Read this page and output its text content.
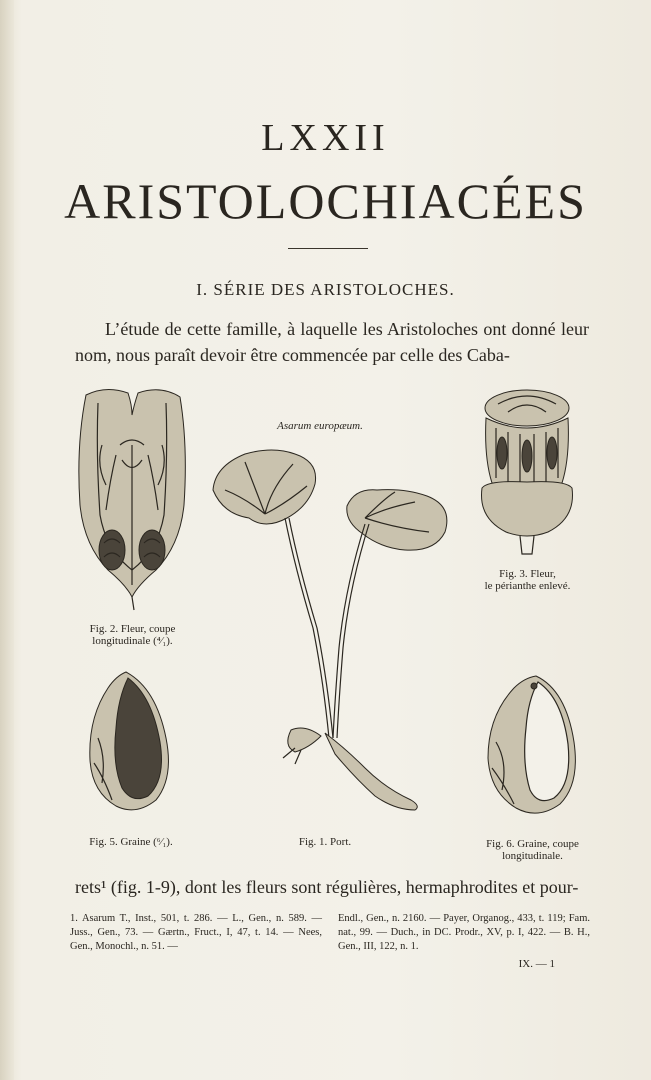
LXXII
ARISTOLOCHIACÉES
I. SÉRIE DES ARISTOLOCHES.
L’étude de cette famille, à laquelle les Aristoloches ont donné leur nom, nous paraît devoir être commencée par celle des Caba-
Asarum europæum.
Fig. 3. Fleur,
le périanthe enlevé.
Fig. 2. Fleur, coupe
longitudinale (⁴⁄₁).
Fig. 5. Graine (⁶⁄₁).	Fig. 1. Port.	Fig. 6. Graine, coupe
longitudinale.
rets¹ (fig. 1-9), dont les fleurs sont régulières, hermaphrodites et pour-
1. Asarum T., Inst., 501, t. 286. — L., Gen., n. 589. — Juss., Gen., 73. — Gærtn., Fruct., I, 47, t. 14. — Nees, Gen., Monochl., n. 51. —
Endl., Gen., n. 2160. — Payer, Organog., 433, t. 119; Fam. nat., 99. — Duch., in DC. Prodr., XV, p. I, 422. — B. H., Gen., III, 122, n. 1.
IX. — 1
